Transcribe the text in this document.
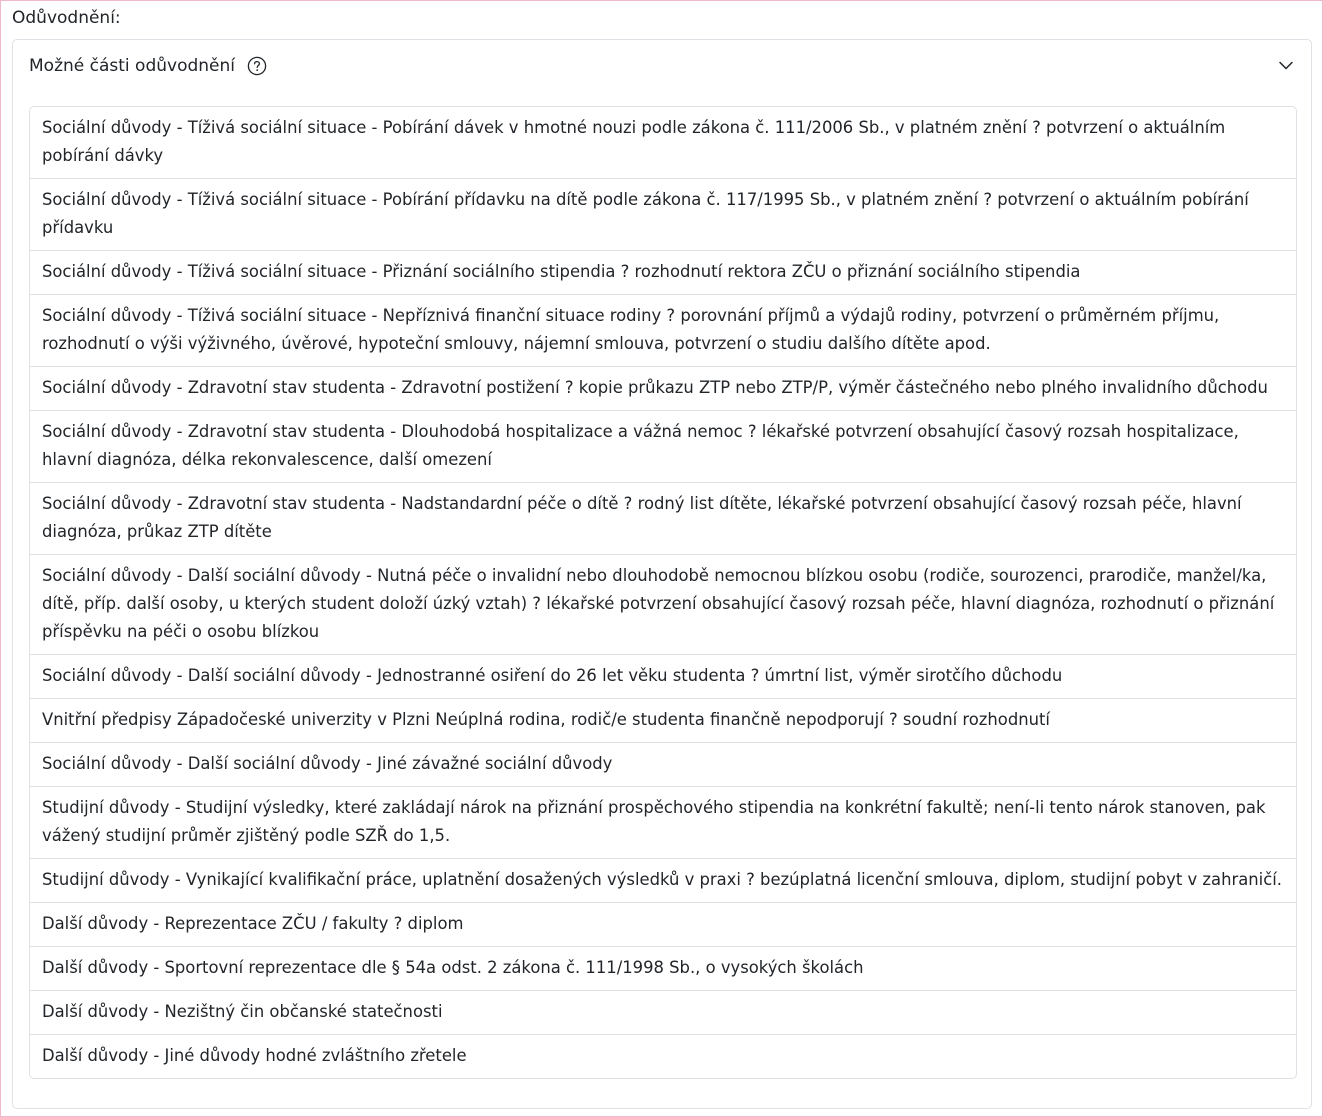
Odůvodnění:
Možné části odůvodnění
Sociální důvody - Tíživá sociální situace - Pobírání dávek v hmotné nouzi podle zákona č. 111/2006 Sb., v platném znění ? potvrzení o aktuálním pobírání dávky
Sociální důvody - Tíživá sociální situace - Pobírání přídavku na dítě podle zákona č. 117/1995 Sb., v platném znění ? potvrzení o aktuálním pobírání přídavku
Sociální důvody - Tíživá sociální situace - Přiznání sociálního stipendia ? rozhodnutí rektora ZČU o přiznání sociálního stipendia
Sociální důvody - Tíživá sociální situace - Nepříznivá finanční situace rodiny ? porovnání příjmů a výdajů rodiny, potvrzení o průměrném příjmu, rozhodnutí o výši výživného, úvěrové, hypoteční smlouvy, nájemní smlouva, potvrzení o studiu dalšího dítěte apod.
Sociální důvody - Zdravotní stav studenta - Zdravotní postižení ? kopie průkazu ZTP nebo ZTP/P, výměr částečného nebo plného invalidního důchodu
Sociální důvody - Zdravotní stav studenta - Dlouhodobá hospitalizace a vážná nemoc ? lékařské potvrzení obsahující časový rozsah hospitalizace, hlavní diagnóza, délka rekonvalescence, další omezení
Sociální důvody - Zdravotní stav studenta - Nadstandardní péče o dítě ? rodný list dítěte, lékařské potvrzení obsahující časový rozsah péče, hlavní diagnóza, průkaz ZTP dítěte
Sociální důvody - Další sociální důvody - Nutná péče o invalidní nebo dlouhodobě nemocnou blízkou osobu (rodiče, sourozenci, prarodiče, manžel/ka, dítě, příp. další osoby, u kterých student doloží úzký vztah) ? lékařské potvrzení obsahující časový rozsah péče, hlavní diagnóza, rozhodnutí o přiznání příspěvku na péči o osobu blízkou
Sociální důvody - Další sociální důvody - Jednostranné osiření do 26 let věku studenta ? úmrtní list, výměr sirotčího důchodu
Vnitřní předpisy Západočeské univerzity v Plzni Neúplná rodina, rodič/e studenta finančně nepodporují ? soudní rozhodnutí
Sociální důvody - Další sociální důvody - Jiné závažné sociální důvody
Studijní důvody - Studijní výsledky, které zakládají nárok na přiznání prospěchového stipendia na konkrétní fakultě; není-li tento nárok stanoven, pak vážený studijní průměr zjištěný podle SZŘ do 1,5.
Studijní důvody - Vynikající kvalifikační práce, uplatnění dosažených výsledků v praxi ? bezúplatná licenční smlouva, diplom, studijní pobyt v zahraničí.
Další důvody - Reprezentace ZČU / fakulty ? diplom
Další důvody - Sportovní reprezentace dle § 54a odst. 2 zákona č. 111/1998 Sb., o vysokých školách
Další důvody - Nezištný čin občanské statečnosti
Další důvody - Jiné důvody hodné zvláštního zřetele
